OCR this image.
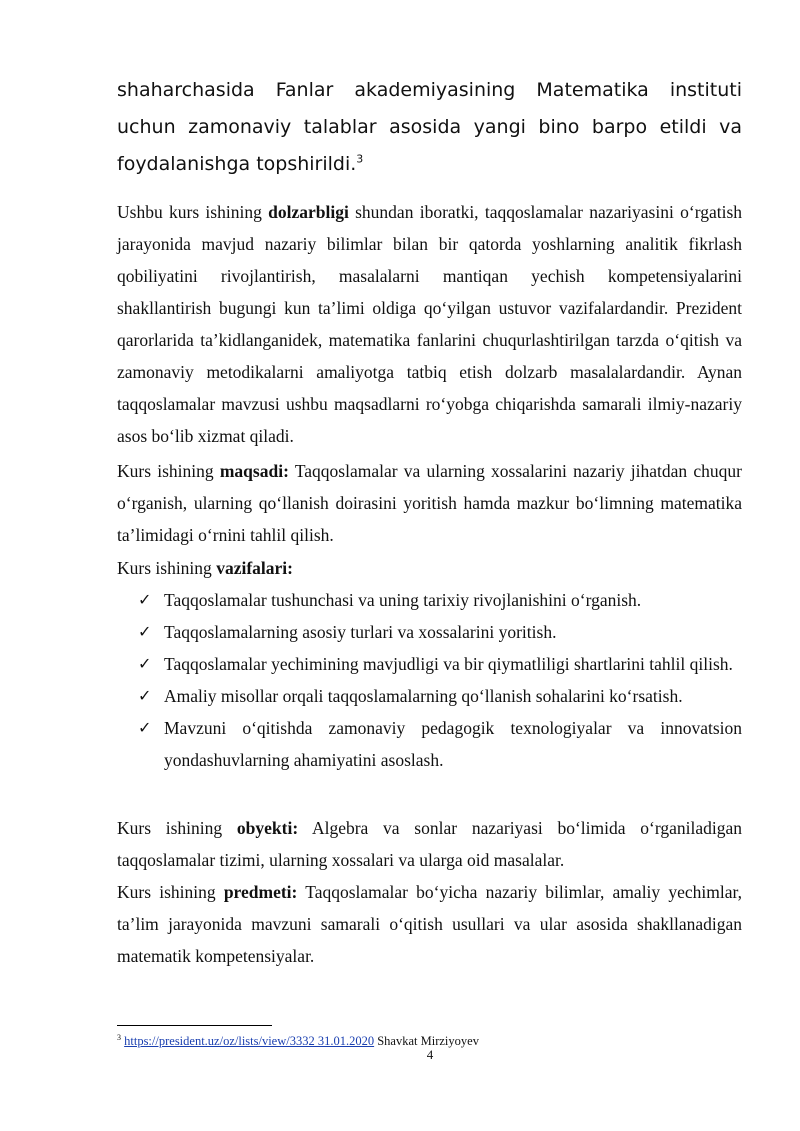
shaharchasida Fanlar akademiyasining Matematika instituti uchun zamonaviy talablar asosida yangi bino barpo etildi va foydalanishga topshirildi.$^3$

Ushbu kurs ishining dolzarbligi shundan iboratki, taqqoslamalar nazariyasini oʻrgatish jarayonida mavjud nazariy bilimlar bilan bir qatorda yoshlarning analitik fikrlash qobiliyatini rivojlantirish, masalalarni mantiqan yechish kompetensiyalarini shakllantirish bugungi kun ta’limi oldiga qoʻyilgan ustuvor vazifalardandir. Prezident qarorlarida ta’kidlanganidek, matematika fanlarini chuqurlashtirilgan tarzda oʻqitish va zamonaviy metodikalarni amaliyotga tatbiq etish dolzarb masalalardandir. Aynan taqqoslamalar mavzusi ushbu maqsadlarni roʻyobga chiqarishda samarali ilmiy-nazariy asos boʻlib xizmat qiladi.

Kurs ishining maqsadi: Taqqoslamalar va ularning xossalarini nazariy jihatdan chuqur oʻrganish, ularning qoʻllanish doirasini yoritish hamda mazkur boʻlimning matematika ta’limidagi oʻrnini tahlil qilish.

Kurs ishining vazifalari:

✓ Taqqoslamalar tushunchasi va uning tarixiy rivojlanishini oʻrganish.
✓ Taqqoslamalarning asosiy turlari va xossalarini yoritish.
✓ Taqqoslamalar yechimining mavjudligi va bir qiymatliligi shartlarini tahlil qilish.
✓ Amaliy misollar orqali taqqoslamalarning qoʻllanish sohalarini koʻrsatish.
✓ Mavzuni oʻqitishda zamonaviy pedagogik texnologiyalar va innovatsion yondashuvlarning ahamiyatini asoslash.

Kurs ishining obyekti: Algebra va sonlar nazariyasi boʻlimida oʻrganiladigan taqqoslamalar tizimi, ularning xossalari va ularga oid masalalar.

Kurs ishining predmeti: Taqqoslamalar boʻyicha nazariy bilimlar, amaliy yechimlar, ta’lim jarayonida mavzuni samarali oʻqitish usullari va ular asosida shakllanadigan matematik kompetensiyalar.

$^3$ https://president.uz/oz/lists/view/3332 31.01.2020 Shavkat Mirziyoyev
4
